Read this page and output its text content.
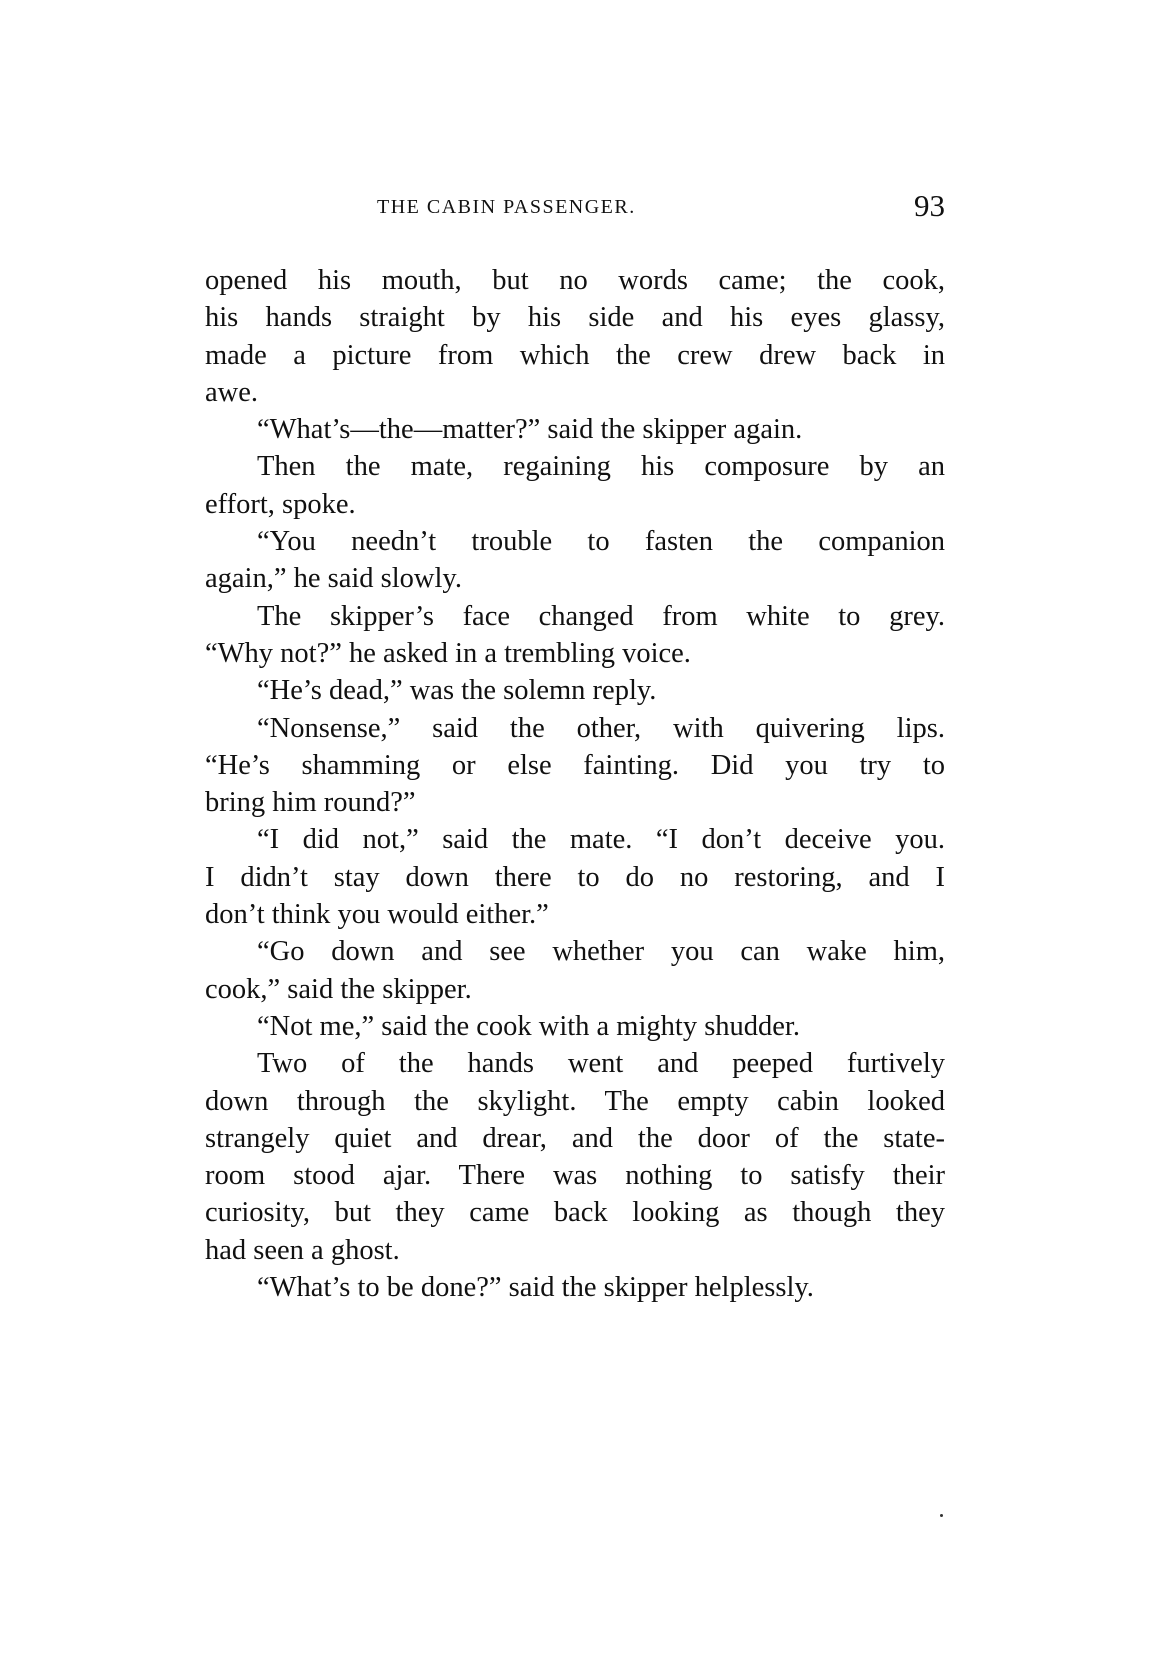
THE CABIN PASSENGER.	93
opened his mouth, but no words came; the cook,
his hands straight by his side and his eyes glassy,
made a picture from which the crew drew back in
awe.
“What’s—the—matter?” said the skipper again.
Then the mate, regaining his composure by an
effort, spoke.
“You needn’t trouble to fasten the companion
again,” he said slowly.
The skipper’s face changed from white to grey.
“Why not?” he asked in a trembling voice.
“He’s dead,” was the solemn reply.
“Nonsense,” said the other, with quivering lips.
“He’s shamming or else fainting. Did you try to
bring him round?”
“I did not,” said the mate. “I don’t deceive you.
I didn’t stay down there to do no restoring, and I
don’t think you would either.”
“Go down and see whether you can wake him,
cook,” said the skipper.
“Not me,” said the cook with a mighty shudder.
Two of the hands went and peeped furtively
down through the skylight. The empty cabin looked
strangely quiet and drear, and the door of the state-
room stood ajar. There was nothing to satisfy their
curiosity, but they came back looking as though they
had seen a ghost.
“What’s to be done?” said the skipper helplessly.
